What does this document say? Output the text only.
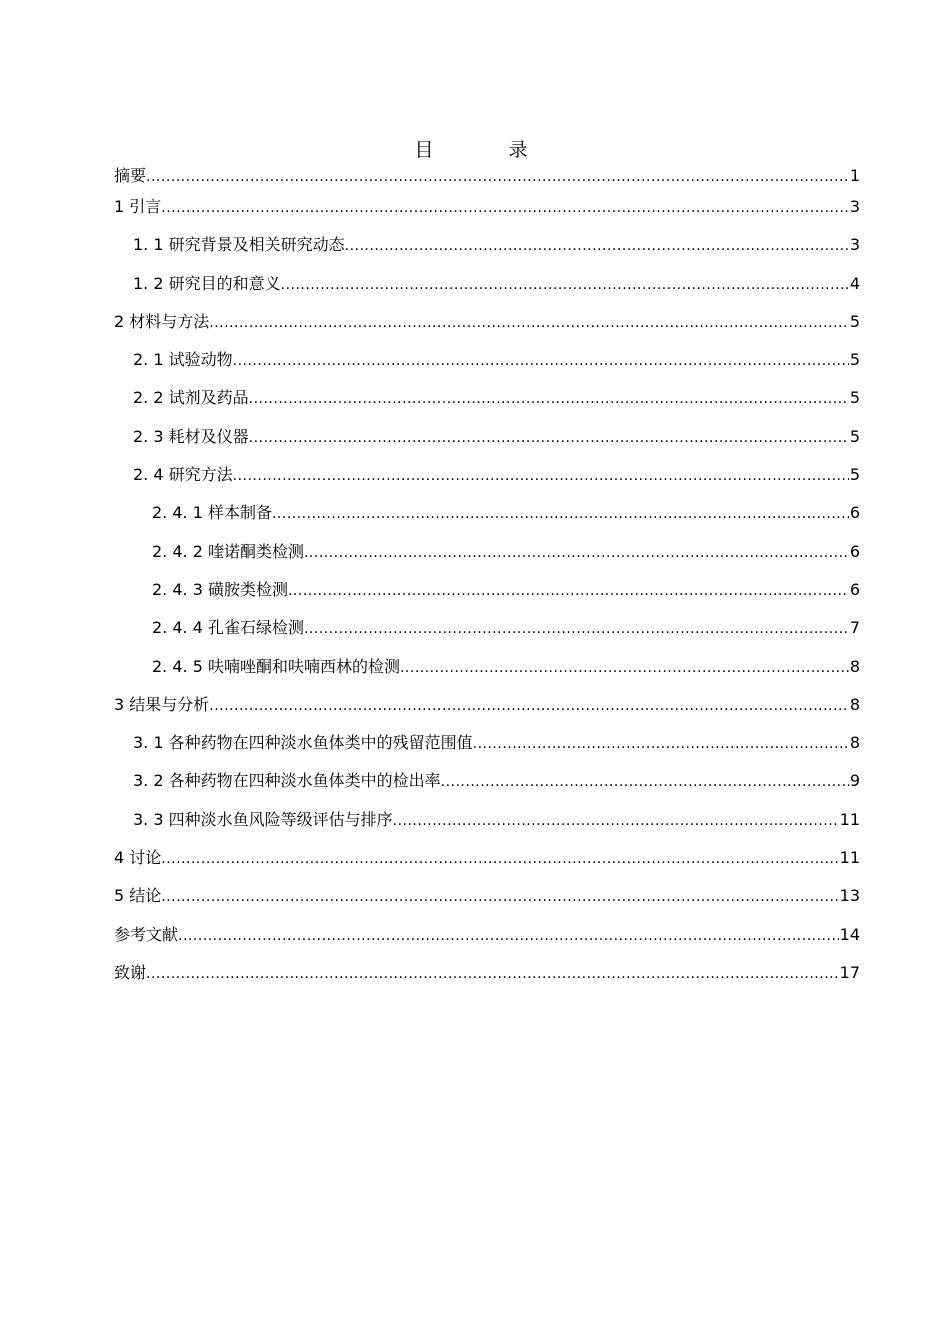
目　录
摘要 .....	1
1 引言 .....	3
1. 1 研究背景及相关研究动态 .....	3
1. 2 研究目的和意义 .....	4
2 材料与方法 .....	5
2. 1 试验动物 .....	5
2. 2 试剂及药品 .....	5
2. 3 耗材及仪器 .....	5
2. 4 研究方法 .....	5
2. 4. 1 样本制备 .....	6
2. 4. 2 喹诺酮类检测 .....	6
2. 4. 3 磺胺类检测 .....	6
2. 4. 4 孔雀石绿检测 .....	7
2. 4. 5 呋喃唑酮和呋喃西林的检测 .....	8
3 结果与分析 .....	8
3. 1 各种药物在四种淡水鱼体类中的残留范围值 .....	8
3. 2 各种药物在四种淡水鱼体类中的检出率 .....	9
3. 3 四种淡水鱼风险等级评估与排序 .....	11
4 讨论 .....	11
5 结论 .....	13
参考文献 .....	14
致谢 .....	17
